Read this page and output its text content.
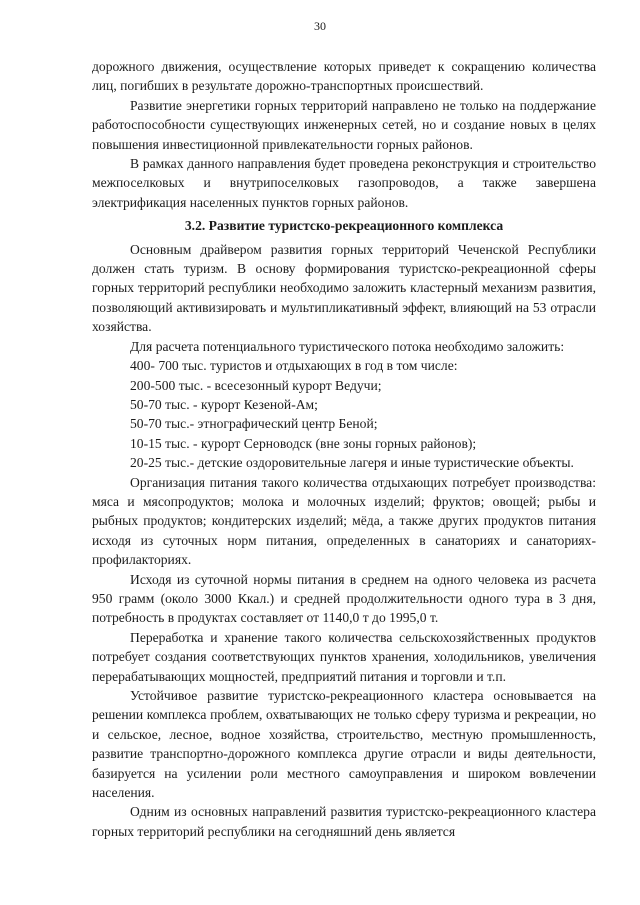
30

дорожного движения, осуществление которых приведет к сокращению количества лиц, погибших в результате дорожно-транспортных происшествий.

Развитие энергетики горных территорий направлено не только на поддержание работоспособности существующих инженерных сетей, но и создание новых в целях повышения инвестиционной привлекательности горных районов.

В рамках данного направления будет проведена реконструкция и строительство межпоселковых и внутрипоселковых газопроводов, а также завершена электрификация населенных пунктов горных районов.

3.2. Развитие туристско-рекреационного комплекса

Основным драйвером развития горных территорий Чеченской Республики должен стать туризм. В основу формирования туристско-рекреационной сферы горных территорий республики необходимо заложить кластерный механизм развития, позволяющий активизировать и мультипликативный эффект, влияющий на 53 отрасли хозяйства.

Для расчета потенциального туристического потока необходимо заложить:

400- 700 тыс. туристов и отдыхающих в год в том числе:

200-500 тыс. - всесезонный курорт Ведучи;

50-70 тыс. - курорт Кезеной-Ам;

50-70 тыс.- этнографический центр Беной;

10-15 тыс. - курорт Серноводск (вне зоны горных районов);

20-25 тыс.- детские оздоровительные лагеря и иные туристические объекты.

Организация питания такого количества отдыхающих потребует производства: мяса и мясопродуктов; молока и молочных изделий; фруктов; овощей; рыбы и рыбных продуктов; кондитерских изделий; мёда, а также других продуктов питания исходя из суточных норм питания, определенных в санаториях и санаториях-профилакториях.

Исходя из суточной нормы питания в среднем на одного человека из расчета 950 грамм (около 3000 Ккал.) и средней продолжительности одного тура в 3 дня, потребность в продуктах составляет от 1140,0 т до 1995,0 т.

Переработка и хранение такого количества сельскохозяйственных продуктов потребует создания соответствующих пунктов хранения, холодильников, увеличения перерабатывающих мощностей, предприятий питания и торговли и т.п.

Устойчивое развитие туристско-рекреационного кластера основывается на решении комплекса проблем, охватывающих не только сферу туризма и рекреации, но и сельское, лесное, водное хозяйства, строительство, местную промышленность, развитие транспортно-дорожного комплекса другие отрасли и виды деятельности, базируется на усилении роли местного самоуправления и широком вовлечении населения.

Одним из основных направлений развития туристско-рекреационного кластера горных территорий республики на сегодняшний день является
